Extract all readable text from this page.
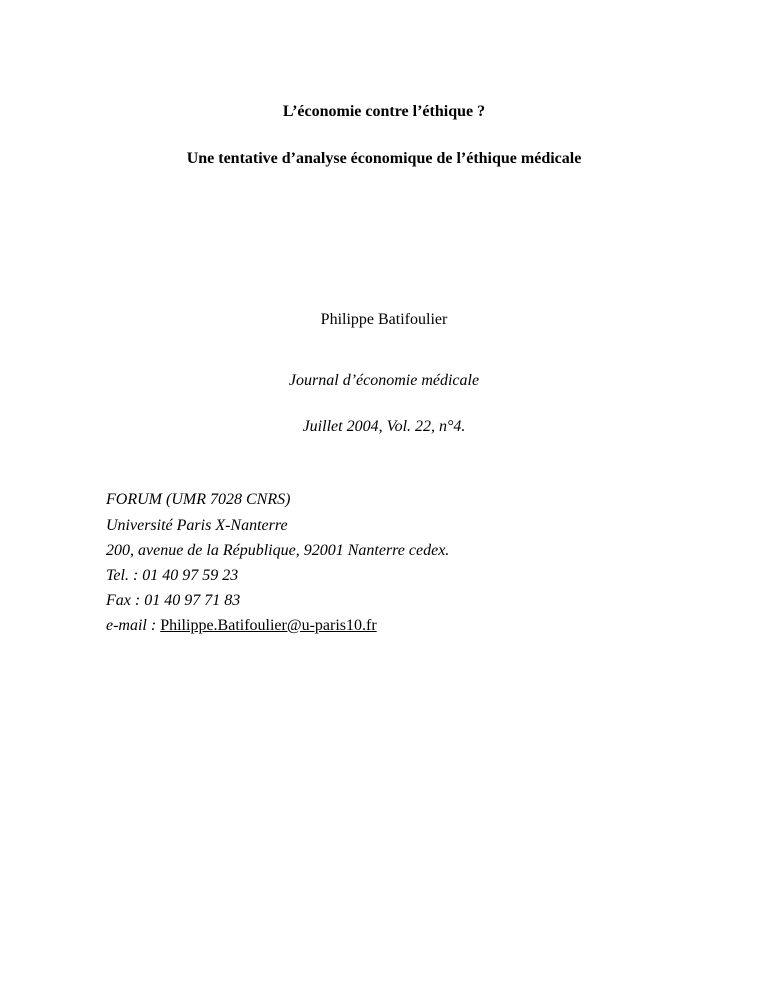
L’économie contre l’éthique ?
Une tentative d’analyse économique de l’éthique médicale
Philippe Batifoulier
Journal d’économie médicale
Juillet 2004, Vol. 22, n°4.
FORUM (UMR 7028 CNRS)
Université Paris X-Nanterre
200, avenue de la République, 92001 Nanterre cedex.
Tel. : 01 40 97 59 23
Fax : 01 40 97 71 83
e-mail : Philippe.Batifoulier@u-paris10.fr
